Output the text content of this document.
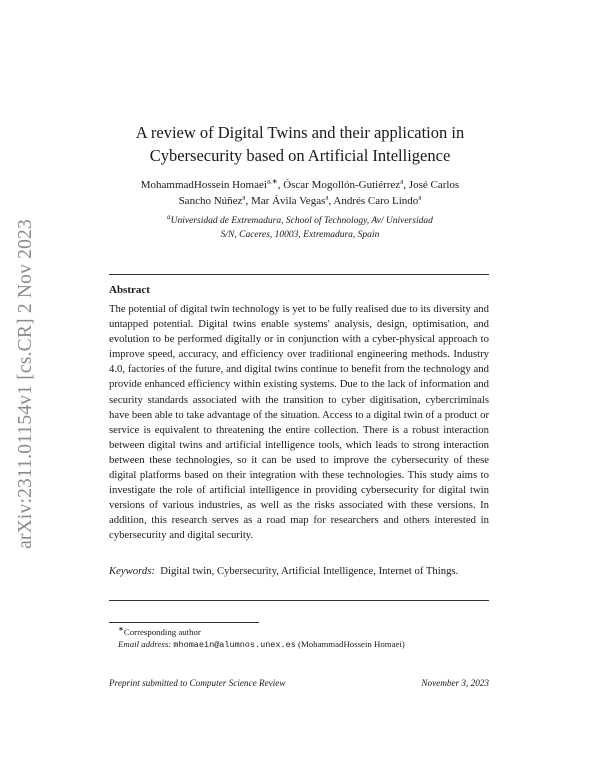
arXiv:2311.01154v1 [cs.CR] 2 Nov 2023
A review of Digital Twins and their application in
Cybersecurity based on Artificial Intelligence
MohammadHossein Homaei$^{a,∗}$, Óscar Mogollón-Gutiérrez$^a$, José Carlos
Sancho Núñez$^a$, Mar Ávila Vegas$^a$, Andrés Caro Lindo$^a$
$^a$Universidad de Extremadura, School of Technology, Av/ Universidad
S/N, Caceres, 10003, Extremadura, Spain
Abstract
The potential of digital twin technology is yet to be fully realised due to its diversity and untapped potential. Digital twins enable systems' analysis, design, optimisation, and evolution to be performed digitally or in conjunction with a cyber-physical approach to improve speed, accuracy, and efficiency over traditional engineering methods. Industry 4.0, factories of the future, and digital twins continue to benefit from the technology and provide enhanced efficiency within existing systems. Due to the lack of information and security standards associated with the transition to cyber digitisation, cybercriminals have been able to take advantage of the situation. Access to a digital twin of a product or service is equivalent to threatening the entire collection. There is a robust interaction between digital twins and artificial intelligence tools, which leads to strong interaction between these technologies, so it can be used to improve the cybersecurity of these digital platforms based on their integration with these technologies. This study aims to investigate the role of artificial intelligence in providing cybersecurity for digital twin versions of various industries, as well as the risks associated with these versions. In addition, this research serves as a road map for researchers and others interested in cybersecurity and digital security.
Keywords: Digital twin, Cybersecurity, Artificial Intelligence, Internet of Things.
∗Corresponding author
Email address: mhomaein@alumnos.unex.es (MohammadHossein Homaei)
Preprint submitted to Computer Science Review	November 3, 2023
